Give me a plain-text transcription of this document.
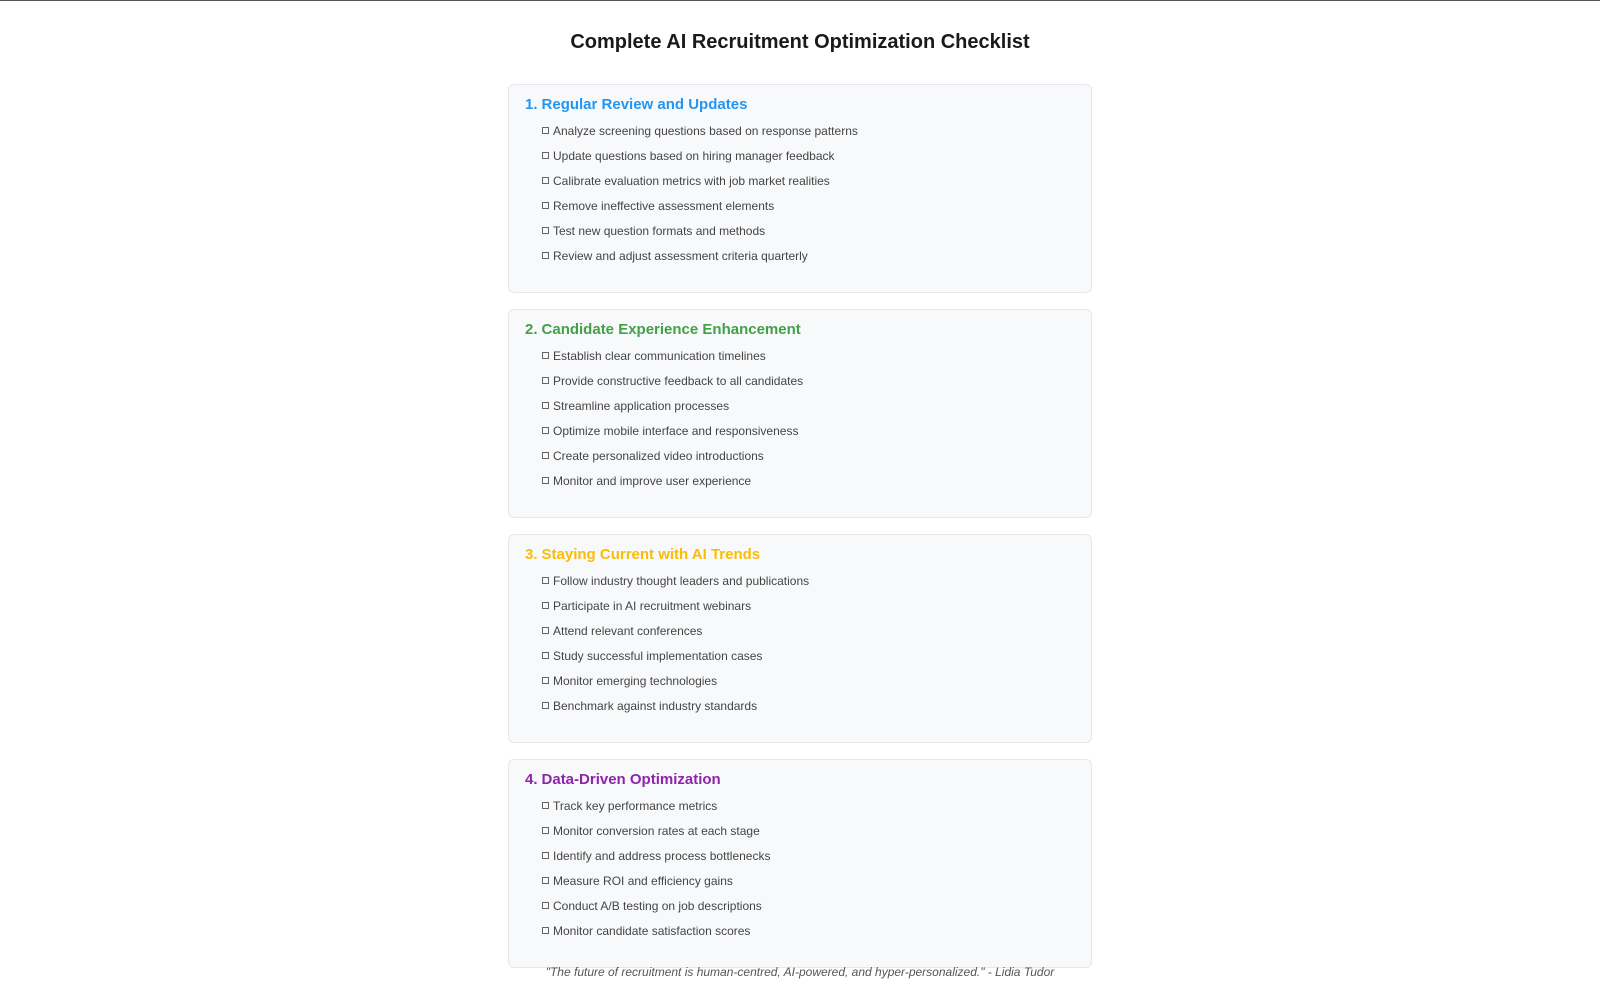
Complete AI Recruitment Optimization Checklist
1. Regular Review and Updates
Analyze screening questions based on response patterns
Update questions based on hiring manager feedback
Calibrate evaluation metrics with job market realities
Remove ineffective assessment elements
Test new question formats and methods
Review and adjust assessment criteria quarterly
2. Candidate Experience Enhancement
Establish clear communication timelines
Provide constructive feedback to all candidates
Streamline application processes
Optimize mobile interface and responsiveness
Create personalized video introductions
Monitor and improve user experience
3. Staying Current with AI Trends
Follow industry thought leaders and publications
Participate in AI recruitment webinars
Attend relevant conferences
Study successful implementation cases
Monitor emerging technologies
Benchmark against industry standards
4. Data-Driven Optimization
Track key performance metrics
Monitor conversion rates at each stage
Identify and address process bottlenecks
Measure ROI and efficiency gains
Conduct A/B testing on job descriptions
Monitor candidate satisfaction scores

"The future of recruitment is human-centred, AI-powered, and hyper-personalized." - Lidia Tudor
